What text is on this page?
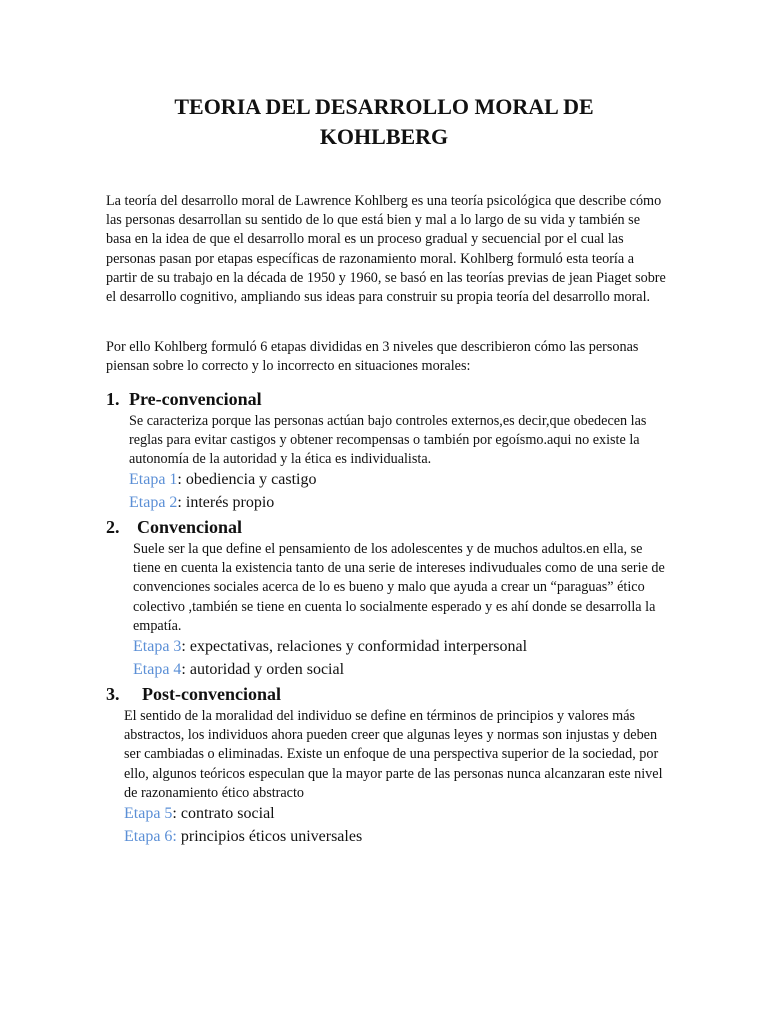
TEORIA DEL DESARROLLO MORAL DE
KOHLBERG
La teoría del desarrollo moral de Lawrence Kohlberg es una teoría psicológica que describe cómo las personas desarrollan su sentido de lo que está bien y mal a lo largo de su vida y también se basa en la idea de que el desarrollo moral es un proceso gradual y secuencial por el cual las personas pasan por etapas específicas de razonamiento moral. Kohlberg formuló esta teoría a partir de su trabajo en la década de 1950 y 1960, se basó en las teorías previas de jean Piaget sobre el desarrollo cognitivo, ampliando sus ideas para construir su propia teoría del desarrollo moral.
Por ello Kohlberg formuló 6 etapas divididas en 3 niveles que describieron cómo las personas piensan sobre lo correcto y lo incorrecto en situaciones morales:
1. Pre-convencional
Se caracteriza porque las personas actúan bajo controles externos,es decir,que obedecen las reglas para evitar castigos y obtener recompensas o también por egoísmo.aqui no existe la autonomía de la autoridad y la ética es individualista.
Etapa 1: obediencia y castigo
Etapa 2: interés propio
2. Convencional
Suele ser la que define el pensamiento de los adolescentes y de muchos adultos.en ella, se tiene en cuenta la existencia tanto de una serie de intereses indivuduales como de una serie de convenciones sociales acerca de lo es bueno y malo que ayuda a crear un “paraguas” ético colectivo ,también se tiene en cuenta lo socialmente esperado y es ahí donde se desarrolla la empatía.
Etapa 3: expectativas, relaciones y conformidad interpersonal
Etapa 4: autoridad y orden social
3. Post-convencional
El sentido de la moralidad del individuo se define en términos de principios y valores más abstractos, los individuos ahora pueden creer que algunas leyes y normas son injustas y deben ser cambiadas o eliminadas. Existe un enfoque de una perspectiva superior de la sociedad, por ello, algunos teóricos especulan que la mayor parte de las personas nunca alcanzaran este nivel de razonamiento ético abstracto
Etapa 5: contrato social
Etapa 6: principios éticos universales
